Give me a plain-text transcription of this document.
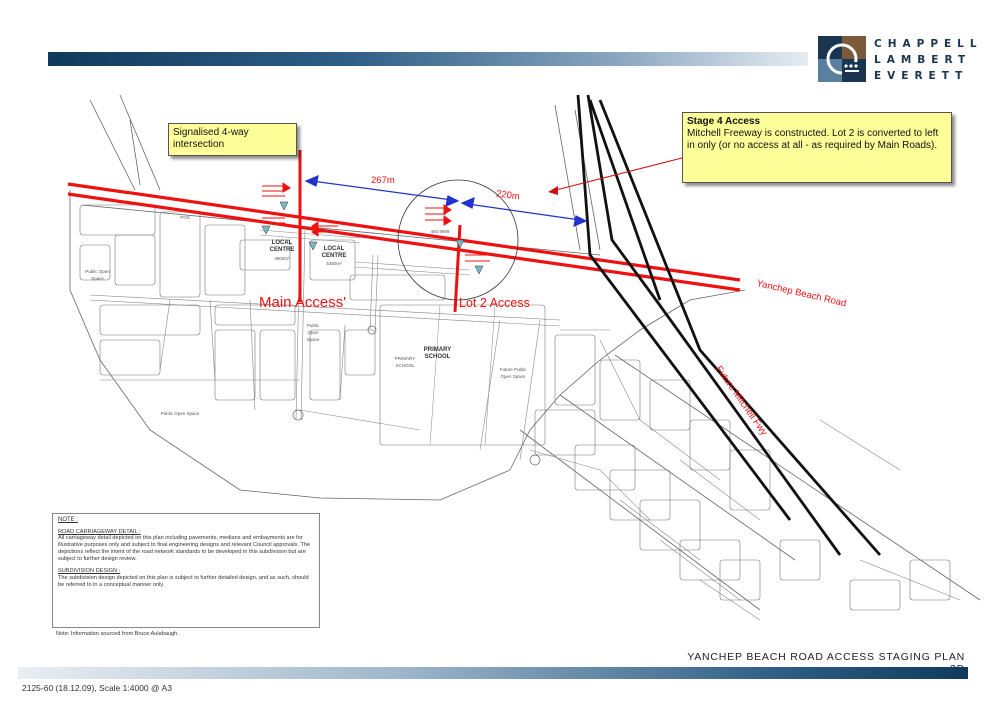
CHAPPELL
LAMBERT
EVERETT
LOCAL CENTRE
3900m²
LOCAL CENTRE
5350m²
PRIMARY SCHOOL
PRIMARY SCHOOL
Future Public Open Space
Public Open Space
Public Open Space
Public Open Space
POS
484.9999
Main Access'	Lot 2 Access
267m
220m
Yanchep Beach Road
Future Mitchell Fwy
Signalised 4-way intersection
Stage 4 Access
Mitchell Freeway is constructed. Lot 2 is converted to left in only (or no access at all - as required by Main Roads).
NOTE :
ROAD CARRIAGEWAY DETAIL :

All carriageway detail depicted on this plan including pavements, medians and embayments are for illustrative purposes only and subject to final engineering designs and relevant Council approvals. The depictions reflect the intent of the road network standards to be developed in this subdivision but are subject to further design review.

SUBDIVISION DESIGN :

The subdivision design depicted on this plan is subject to further detailed design, and as such, should be referred to in a conceptual manner only.

Note: Information sourced from Bruce Aulabaugh.
YANCHEP BEACH ROAD ACCESS STAGING PLAN
2125-60 (18.12.09), Scale 1:4000 @ A3
